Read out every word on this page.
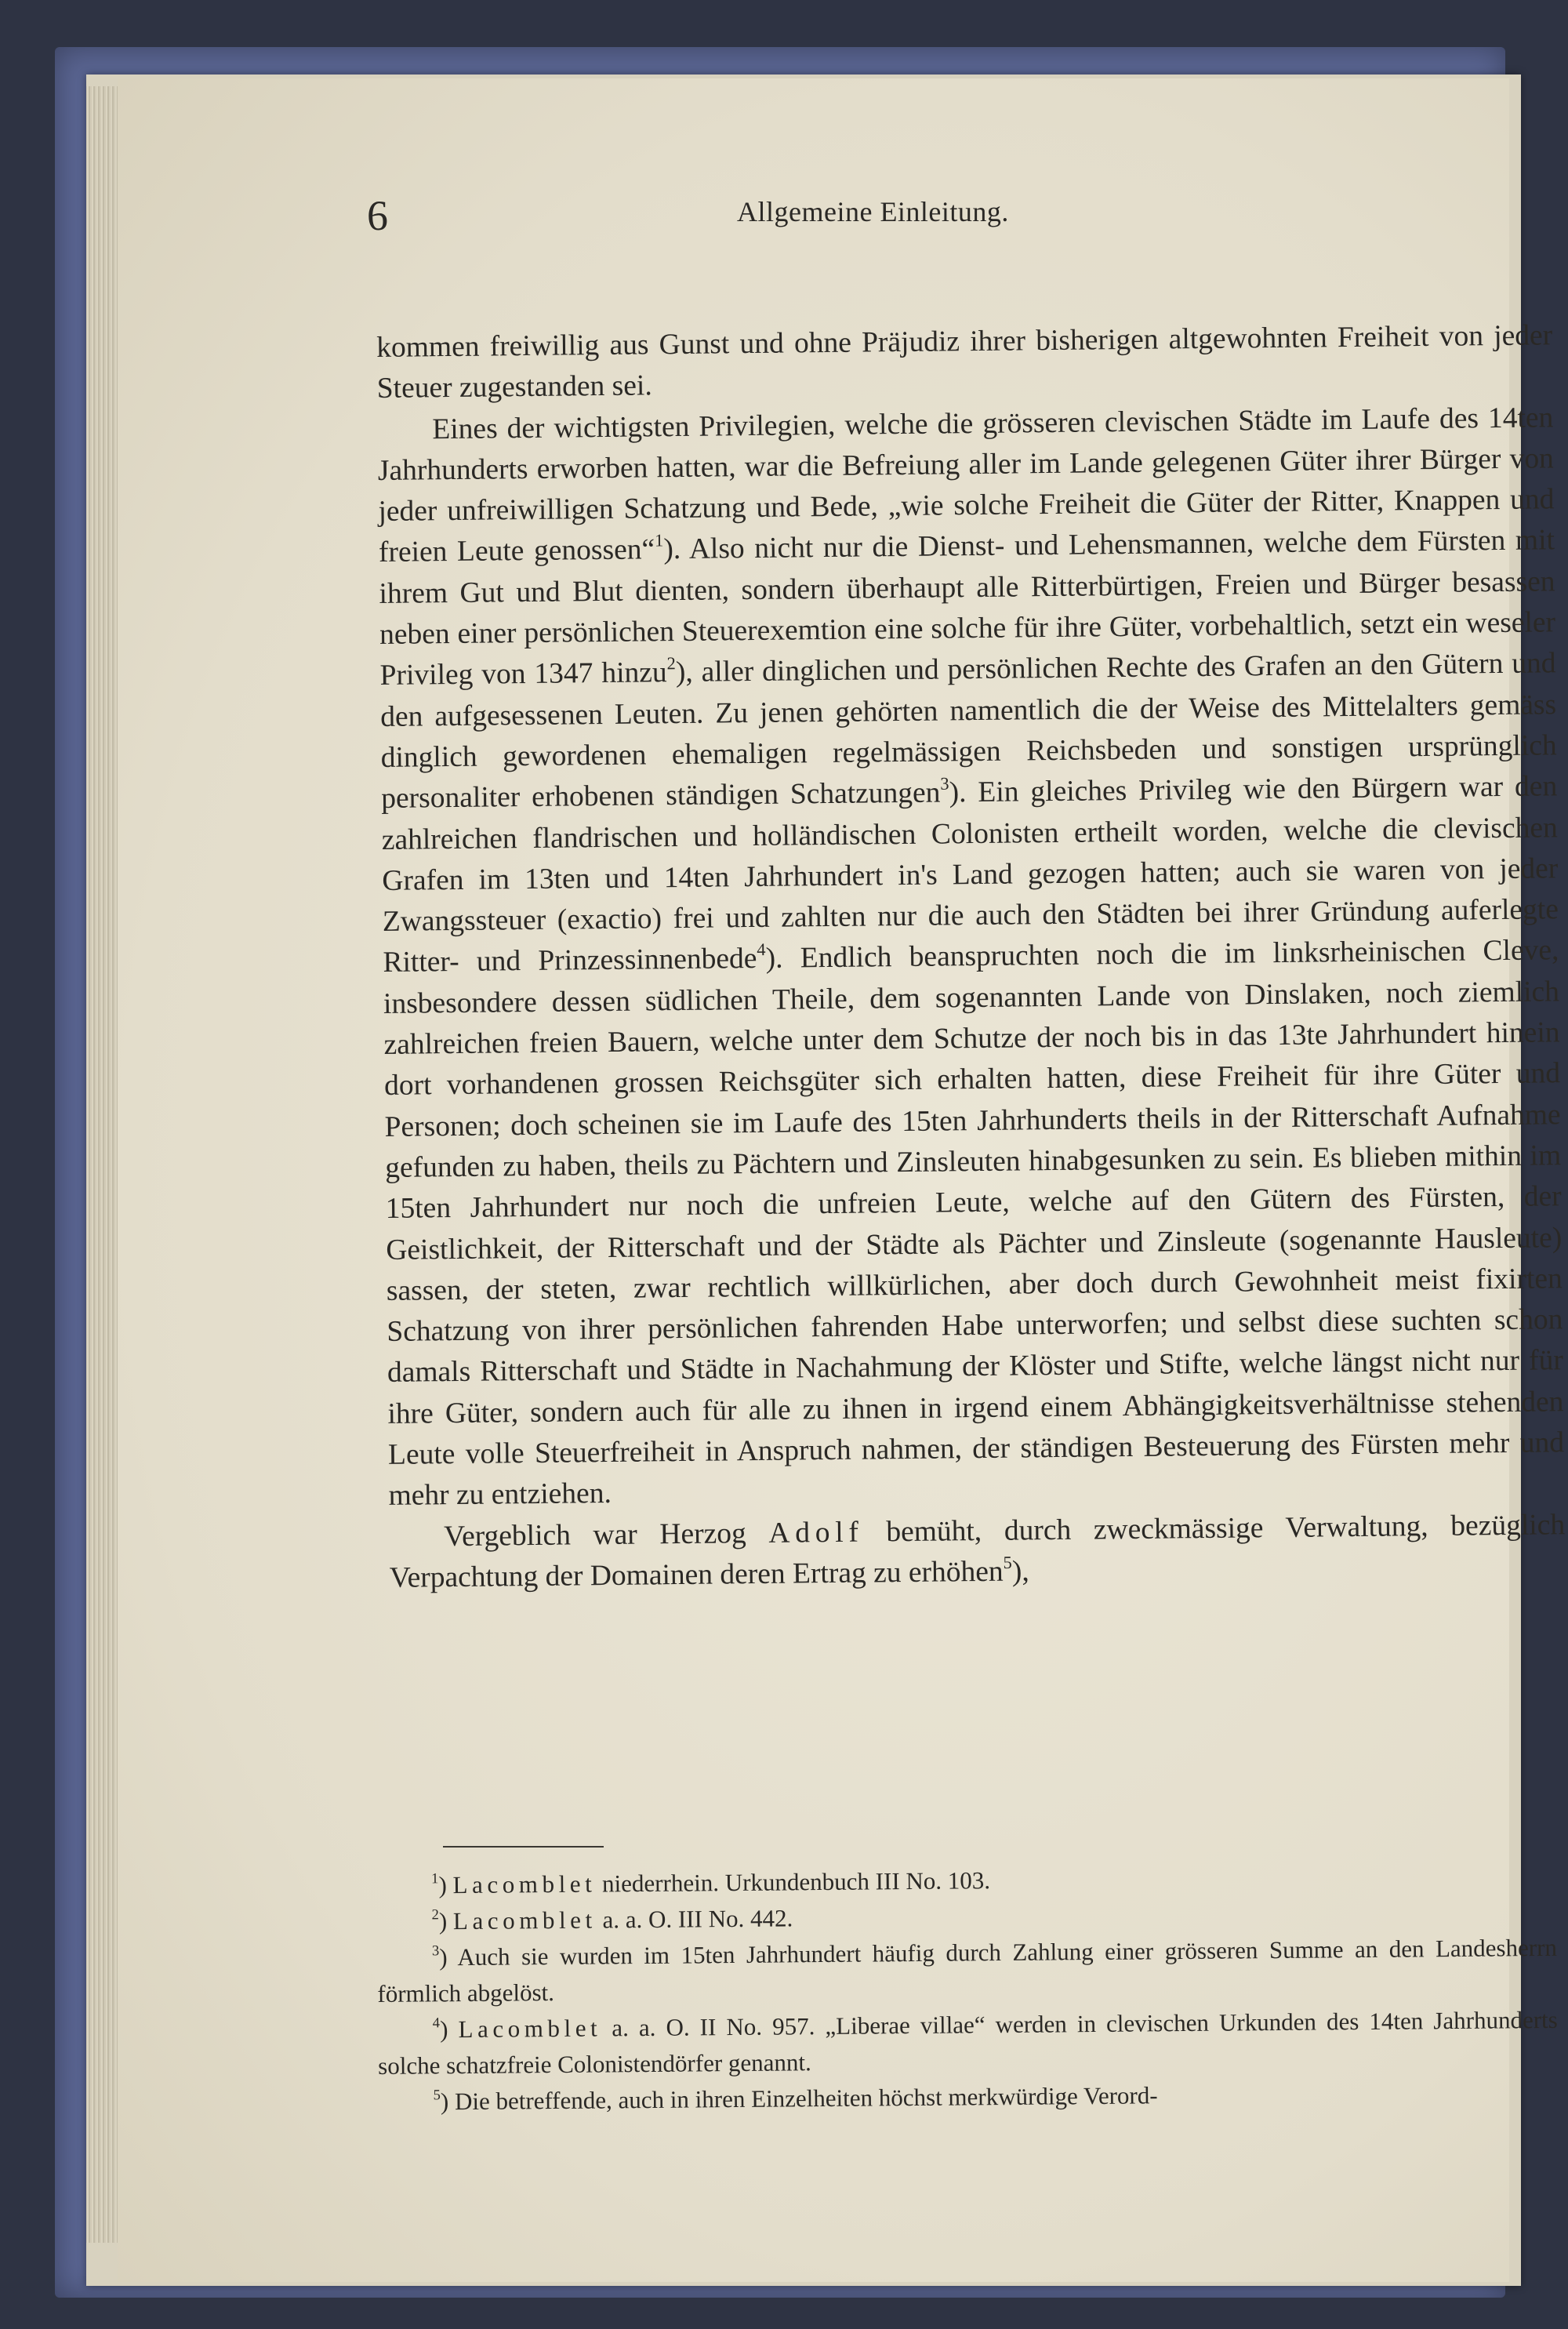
6	Allgemeine Einleitung.

kommen freiwillig aus Gunst und ohne Präjudiz ihrer bisherigen altgewohnten Freiheit von jeder Steuer zugestanden sei.

Eines der wichtigsten Privilegien, welche die grösseren clevischen Städte im Laufe des 14ten Jahrhunderts erworben hatten, war die Befreiung aller im Lande gelegenen Güter ihrer Bürger von jeder unfreiwilligen Schatzung und Bede, „wie solche Freiheit die Güter der Ritter, Knappen und freien Leute genossen“$^1$). Also nicht nur die Dienst- und Lehensmannen, welche dem Fürsten mit ihrem Gut und Blut dienten, sondern überhaupt alle Ritterbürtigen, Freien und Bürger besassen neben einer persönlichen Steuerexemtion eine solche für ihre Güter, vorbehaltlich, setzt ein weseler Privileg von 1347 hinzu$^2$), aller dinglichen und persönlichen Rechte des Grafen an den Gütern und den aufgesessenen Leuten. Zu jenen gehörten namentlich die der Weise des Mittelalters gemäss dinglich gewordenen ehemaligen regelmässigen Reichsbeden und sonstigen ursprünglich personaliter erhobenen ständigen Schatzungen$^3$). Ein gleiches Privileg wie den Bürgern war den zahlreichen flandrischen und holländischen Colonisten ertheilt worden, welche die clevischen Grafen im 13ten und 14ten Jahrhundert in's Land gezogen hatten; auch sie waren von jeder Zwangssteuer (exactio) frei und zahlten nur die auch den Städten bei ihrer Gründung auferlegte Ritter- und Prinzessinnenbede$^4$). Endlich beanspruchten noch die im linksrheinischen Cleve, insbesondere dessen südlichen Theile, dem sogenannten Lande von Dinslaken, noch ziemlich zahlreichen freien Bauern, welche unter dem Schutze der noch bis in das 13te Jahrhundert hinein dort vorhandenen grossen Reichsgüter sich erhalten hatten, diese Freiheit für ihre Güter und Personen; doch scheinen sie im Laufe des 15ten Jahrhunderts theils in der Ritterschaft Aufnahme gefunden zu haben, theils zu Pächtern und Zinsleuten hinabgesunken zu sein. Es blieben mithin im 15ten Jahrhundert nur noch die unfreien Leute, welche auf den Gütern des Fürsten, der Geistlichkeit, der Ritterschaft und der Städte als Pächter und Zinsleute (sogenannte Hausleute) sassen, der steten, zwar rechtlich willkürlichen, aber doch durch Gewohnheit meist fixirten Schatzung von ihrer persönlichen fahrenden Habe unterworfen; und selbst diese suchten schon damals Ritterschaft und Städte in Nachahmung der Klöster und Stifte, welche längst nicht nur für ihre Güter, sondern auch für alle zu ihnen in irgend einem Abhängigkeitsverhältnisse stehenden Leute volle Steuerfreiheit in Anspruch nahmen, der ständigen Besteuerung des Fürsten mehr und mehr zu entziehen.

Vergeblich war Herzog Adolf bemüht, durch zweckmässige Verwaltung, bezüglich Verpachtung der Domainen deren Ertrag zu erhöhen$^5$),

$^1$) Lacomblet niederrhein. Urkundenbuch III No. 103.

$^2$) Lacomblet a. a. O. III No. 442.

$^3$) Auch sie wurden im 15ten Jahrhundert häufig durch Zahlung einer grösseren Summe an den Landesherrn förmlich abgelöst.

$^4$) Lacomblet a. a. O. II No. 957. „Liberae villae“ werden in clevischen Urkunden des 14ten Jahrhunderts solche schatzfreie Colonistendörfer genannt.

$^5$) Die betreffende, auch in ihren Einzelheiten höchst merkwürdige Verord-
